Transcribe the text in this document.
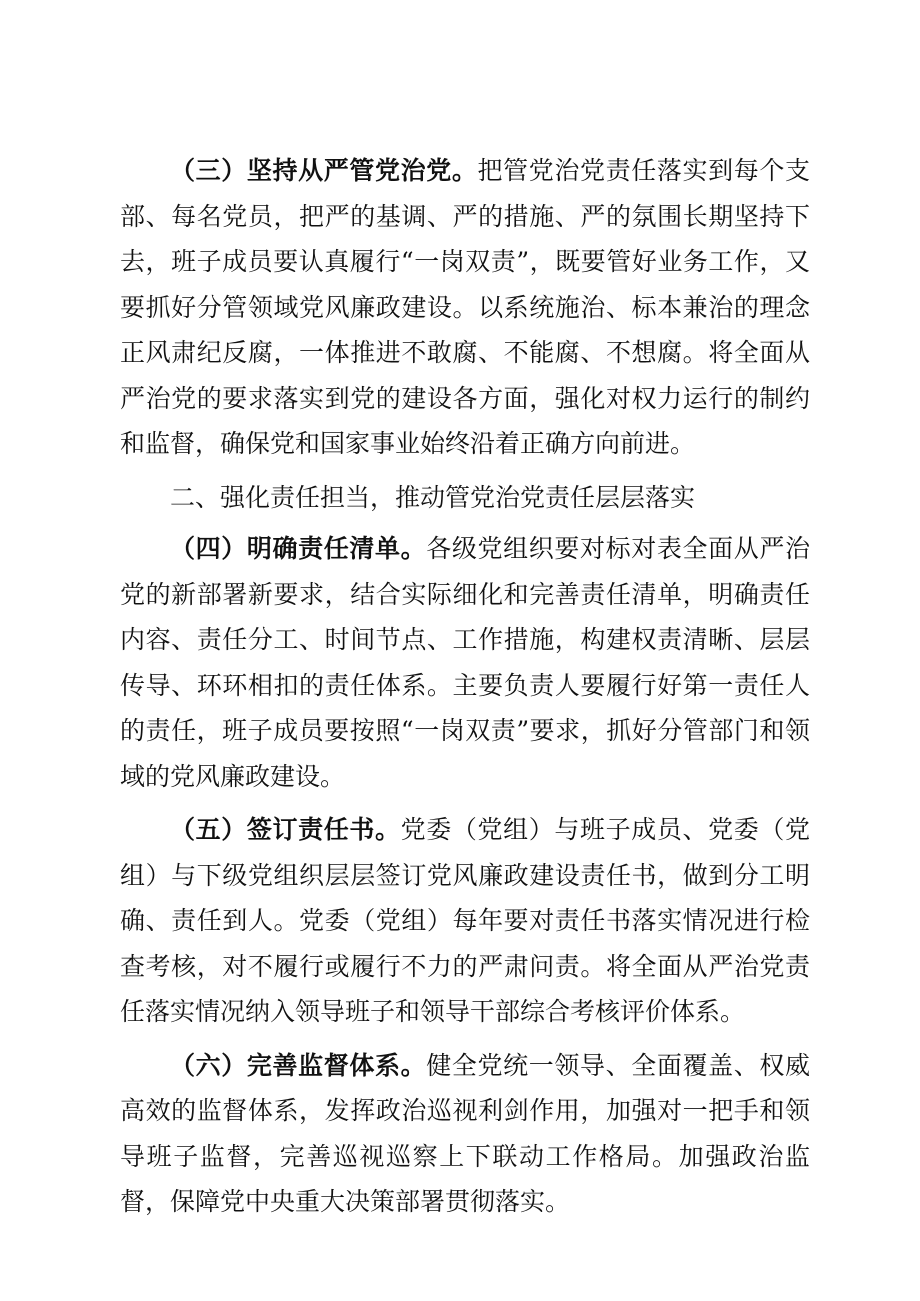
（三）坚持从严管党治党。把管党治党责任落实到每个支部、每名党员，把严的基调、严的措施、严的氛围长期坚持下去，班子成员要认真履行“一岗双责”，既要管好业务工作，又要抓好分管领域党风廉政建设。以系统施治、标本兼治的理念正风肃纪反腐，一体推进不敢腐、不能腐、不想腐。将全面从严治党的要求落实到党的建设各方面，强化对权力运行的制约和监督，确保党和国家事业始终沿着正确方向前进。

二、强化责任担当，推动管党治党责任层层落实

（四）明确责任清单。各级党组织要对标对表全面从严治党的新部署新要求，结合实际细化和完善责任清单，明确责任内容、责任分工、时间节点、工作措施，构建权责清晰、层层传导、环环相扣的责任体系。主要负责人要履行好第一责任人的责任，班子成员要按照“一岗双责”要求，抓好分管部门和领域的党风廉政建设。

（五）签订责任书。党委（党组）与班子成员、党委（党组）与下级党组织层层签订党风廉政建设责任书，做到分工明确、责任到人。党委（党组）每年要对责任书落实情况进行检查考核，对不履行或履行不力的严肃问责。将全面从严治党责任落实情况纳入领导班子和领导干部综合考核评价体系。

（六）完善监督体系。健全党统一领导、全面覆盖、权威高效的监督体系，发挥政治巡视利剑作用，加强对一把手和领导班子监督，完善巡视巡察上下联动工作格局。加强政治监督，保障党中央重大决策部署贯彻落实。
